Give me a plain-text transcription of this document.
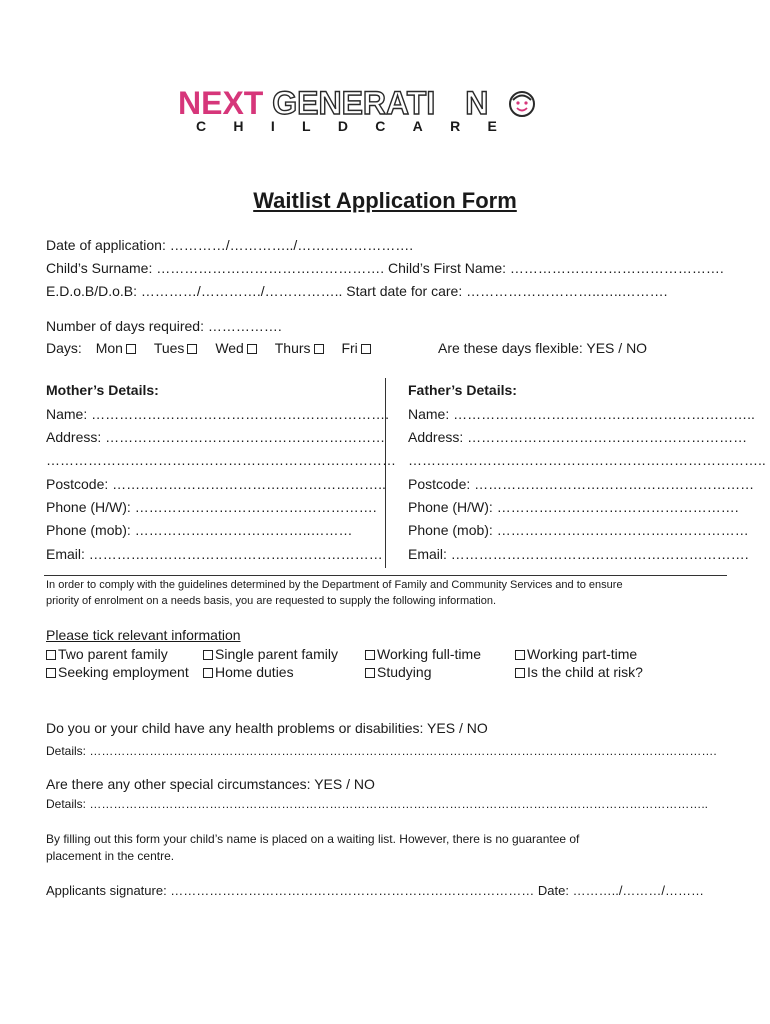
NEXT GENERATI N
CHILDCARE
Waitlist Application Form
Date of application: …………/…………../…………………….
Child’s Surname: …………………………………………. Child’s First Name: ……………………………………….
E.D.o.B/D.o.B: …………/…………./…………….. Start date for care: ………………………..…..……….
Number of days required: …………….
Days: Mon Tues Wed Thurs Fri	Are these days flexible: YES / NO
Mother’s Details:
Name: ……………………………………………………….
Address: ……………………………………………………
…………………………………………………………………
Postcode: …………………………………………………..
Phone (H/W): …………………………………………….
Phone (mob): ………………………………..………
Email: ………………………………………………………
Father’s Details:
Name: ………………………………………………………..
Address: ……………………………………………………
…………………………………………………………………..
Postcode: ……………………………………………………
Phone (H/W): …………………………………………….
Phone (mob): ………………………………………………
Email: ……………………………………………………….
In order to comply with the guidelines determined by the Department of Family and Community Services and to ensure
priority of enrolment on a needs basis, you are requested to supply the following information.
Please tick relevant information
Two parent family	Single parent family	Working full-time	Working part-time
Seeking employment	Home duties	Studying	Is the child at risk?
Do you or your child have any health problems or disabilities: YES / NO
Details: ………………………………………………………………………………………………………………………………………….
Are there any other special circumstances: YES / NO
Details: ………………………………………………………………………………………………………………………………………..
By filling out this form your child’s name is placed on a waiting list. However, there is no guarantee of
placement in the centre.
Applicants signature: ………………………………………………………………………… Date: ………../………/………
